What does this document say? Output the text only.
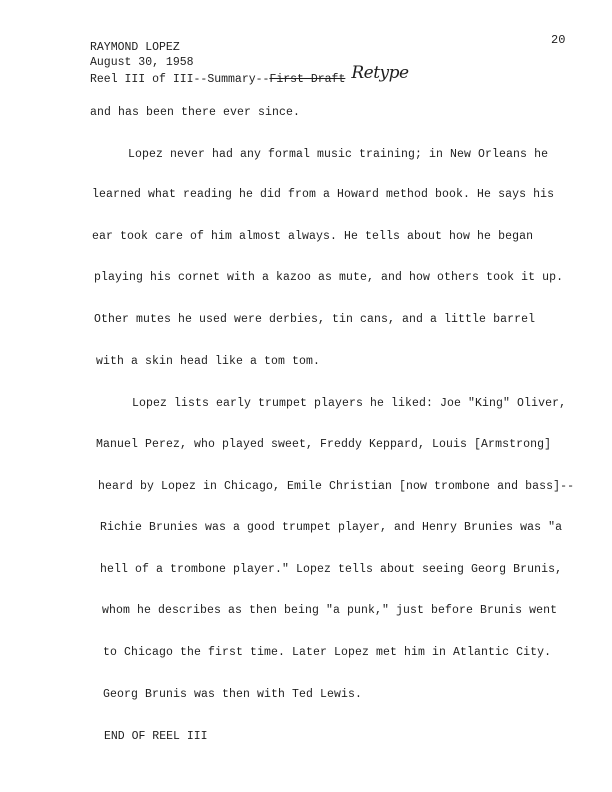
20
RAYMOND LOPEZ
August 30, 1958
Reel III of III--Summary--First Draft Retype
and has been there ever since.
Lopez never had any formal music training; in New Orleans he
learned what reading he did from a Howard method book. He says his
ear took care of him almost always. He tells about how he began
playing his cornet with a kazoo as mute, and how others took it up.
Other mutes he used were derbies, tin cans, and a little barrel
with a skin head like a tom tom.
Lopez lists early trumpet players he liked: Joe "King" Oliver,
Manuel Perez, who played sweet, Freddy Keppard, Louis [Armstrong]
heard by Lopez in Chicago, Emile Christian [now trombone and bass]--
Richie Brunies was a good trumpet player, and Henry Brunies was "a
hell of a trombone player." Lopez tells about seeing Georg Brunis,
whom he describes as then being "a punk," just before Brunis went
to Chicago the first time. Later Lopez met him in Atlantic City.
Georg Brunis was then with Ted Lewis.
END OF REEL III
